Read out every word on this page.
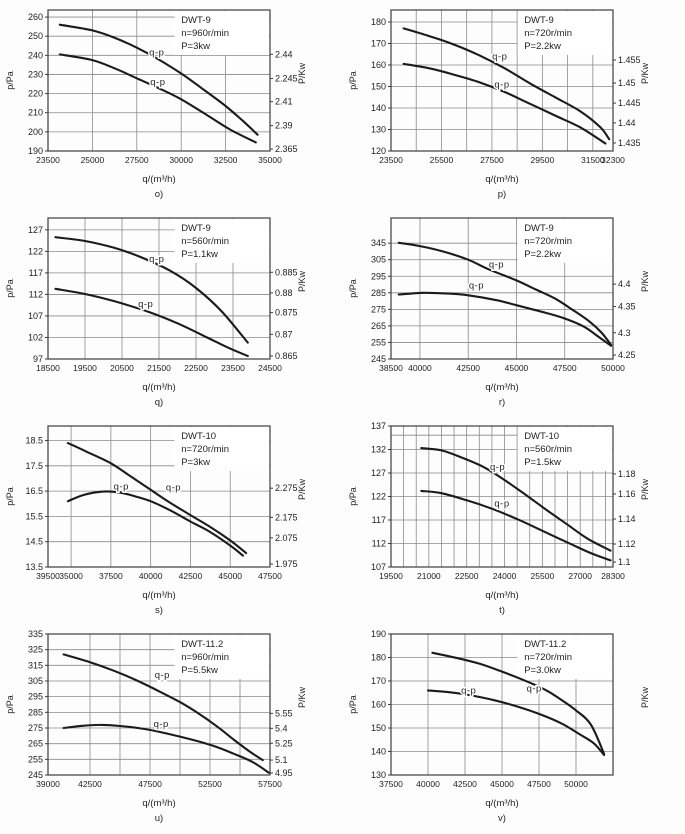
190
200
210
220
230
240
250
260
2.365
2.39
2.41
2.245
2.44
23500 25000 27500 30000 32500 35000
p/Pa	P/Kw
q/(m³/h)
o)
DWT-9
n=960r/min
P=3kw
q-p
q-p
120
130
140
150
160
170
180
1.435
1.44
1.445
1.45
1.455
23500	25500	27500	29500	31500
32300
p/Pa	P/Kw
q/(m³/h)
p)
DWT-9
n=720r/min
P=2.2kw
q-p
q-p
97
102
107
112
117
122
127
0.865
0.87
0.875
0.88
0.885
18500 19500 20500 21500 22500 23500 24500
p/Pa	P/Kw
q/(m³/h)
q)
DWT-9
n=560r/min
P=1.1kw
q-p
q-p
245
255
265
275
285
295
305
345
4.25
4.3
4.35
4.4
38500 40000	42500	45000	47500	50000
p/Pa	P/Kw
q/(m³/h)
r)
DWT-9
n=720r/min
P=2.2kw
q-p
q-p
13.5
14.5
15.5
16.5
17.5
18.5
1.975
2.075
2.175
2.275
39500 35000 37500 40000 42500 45000 47500
p/Pa	P/Kw
q/(m³/h)
s)
DWT-10
n=720r/min
P=3kw
q-p
q-p
107
112
117
122
127
132
137
1.1
1.12
1.14
1.16
1.18
19500 21000 22500 24000 25500 27000 28300
p/Pa	P/Kw
q/(m³/h)
t)
DWT-10
n=560r/min
P=1.5kw
q-p
q-p
245
255
265
275
285
295
305
315
325
335
4.95
5.1
5.25
5.4
5.55
39000 42500	47500	52500	57500
p/Pa	P/Kw
q/(m³/h)
u)
DWT-11.2
n=960r/min
P=5.5kw
q-p
q-p
130
140
150
160
170
180
190
37500 40000 42500 45000 47500 50000
p/Pa	P/Kw
q/(m³/h)
v)
DWT-11.2
n=720r/min
P=3.0kw
q-p
q-p
